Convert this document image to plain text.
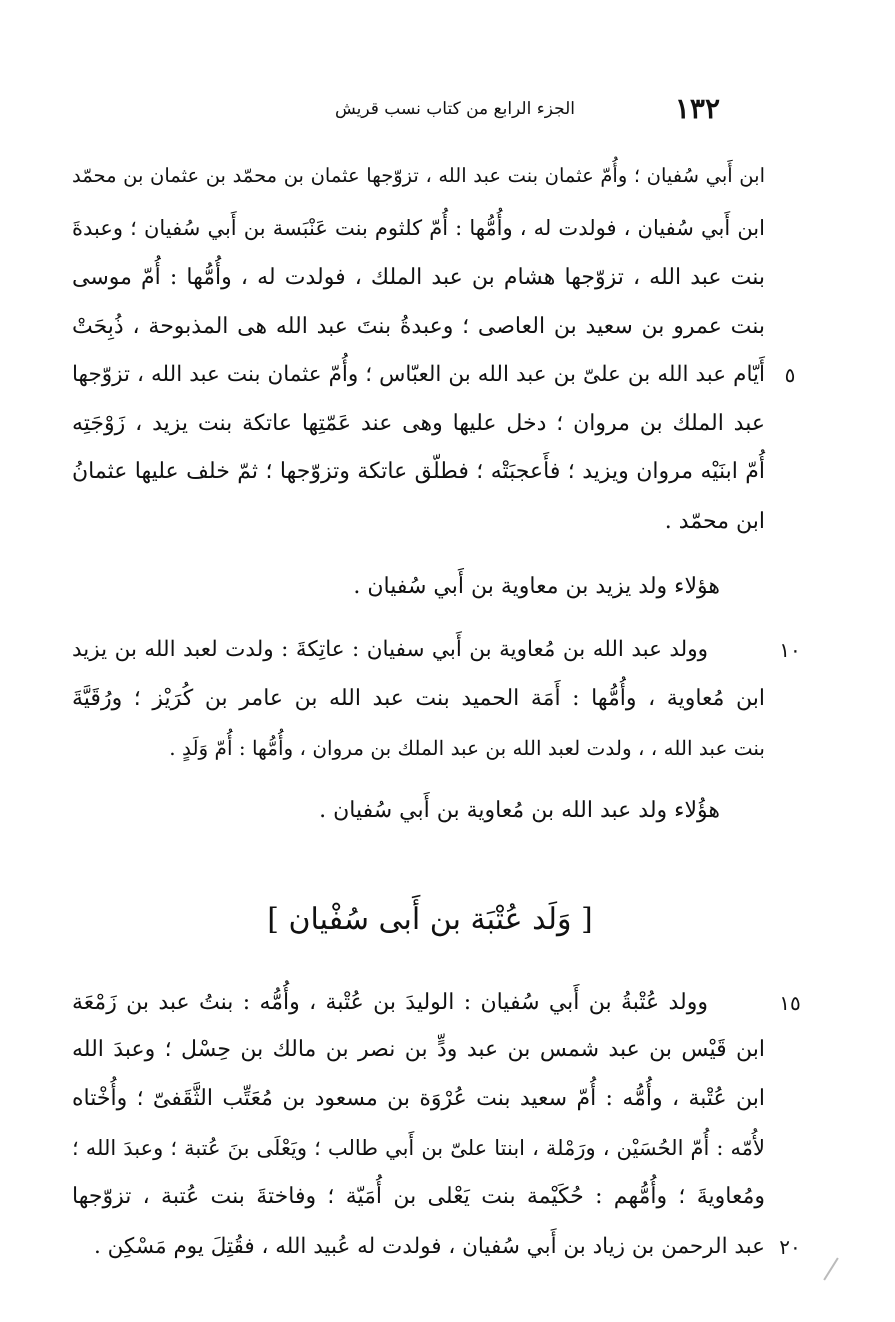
١٣٢
الجزء الرابع من كتاب نسب قريش
ابن أَبي سُفيان ؛ وأُمّ عثمان بنت عبد الله ، تزوّجها عثمان بن محمّد بن عثمان بن محمّد
ابن أَبي سُفيان ، فولدت له ، وأُمُّها : أُمّ كلثوم بنت عَنْبَسة بن أَبي سُفيان ؛ وعبدةَ
بنت عبد الله ، تزوّجها هشام بن عبد الملك ، فولدت له ، وأُمُّها : أُمّ موسى
بنت عمرو بن سعيد بن العاصى ؛ وعبدةُ بنتَ عبد الله هى المذبوحة ، ذُبِحَتْ
أَيّام عبد الله بن علىّ بن عبد الله بن العبّاس ؛ وأُمّ عثمان بنت عبد الله ، تزوّجها
عبد الملك بن مروان ؛ دخل عليها وهى عند عَمّتِها عاتكة بنت يزيد ، زَوْجَتِه
أُمّ ابنَيْه مروان ويزيد ؛ فأَعجبَتْه ؛ فطلّق عاتكة وتزوّجها ؛ ثمّ خلف عليها عثمانُ
ابن محمّد .
هؤلاء ولد يزيد بن معاوية بن أَبي سُفيان .
وولد عبد الله بن مُعاوية بن أَبي سفيان : عاتِكةَ : ولدت لعبد الله بن يزيد
ابن مُعاوية ، وأُمُّها : أَمَة الحميد بنت عبد الله بن عامر بن كُرَيْز ؛ ورُقَيَّةَ
بنت عبد الله ، ، ولدت لعبد الله بن عبد الملك بن مروان ، وأُمُّها : أُمّ وَلَدٍ .
هؤُلاء ولد عبد الله بن مُعاوية بن أَبي سُفيان .
[ وَلَد عُتْبَة بن أَبى سُفْيان ]
وولد عُتْبةُ بن أَبي سُفيان : الوليدَ بن عُتْبة ، وأُمُّه : بنتُ عبد بن زَمْعَة
ابن قَيْس بن عبد شمس بن عبد ودٍّ بن نصر بن مالك بن حِسْل ؛ وعبدَ الله
ابن عُتْبة ، وأُمُّه : أُمّ سعيد بنت عُرْوَة بن مسعود بن مُعَتِّب الثَّقَفىّ ؛ وأُخْتاه
لأُمّه : أُمّ الحُسَيْن ، ورَمْلة ، ابنتا علىّ بن أَبي طالب ؛ ويَعْلَى بنَ عُتبة ؛ وعبدَ الله ؛
ومُعاويةَ ؛ وأُمُّهم : حُكَيْمة بنت يَعْلى بن أُمَيّة ؛ وفاختةَ بنت عُتبة ، تزوّجها
عبد الرحمن بن زياد بن أَبي سُفيان ، فولدت له عُبيد الله ، فقُتِلَ يوم مَسْكِن .
٥
١٠
١٥
٢٠
